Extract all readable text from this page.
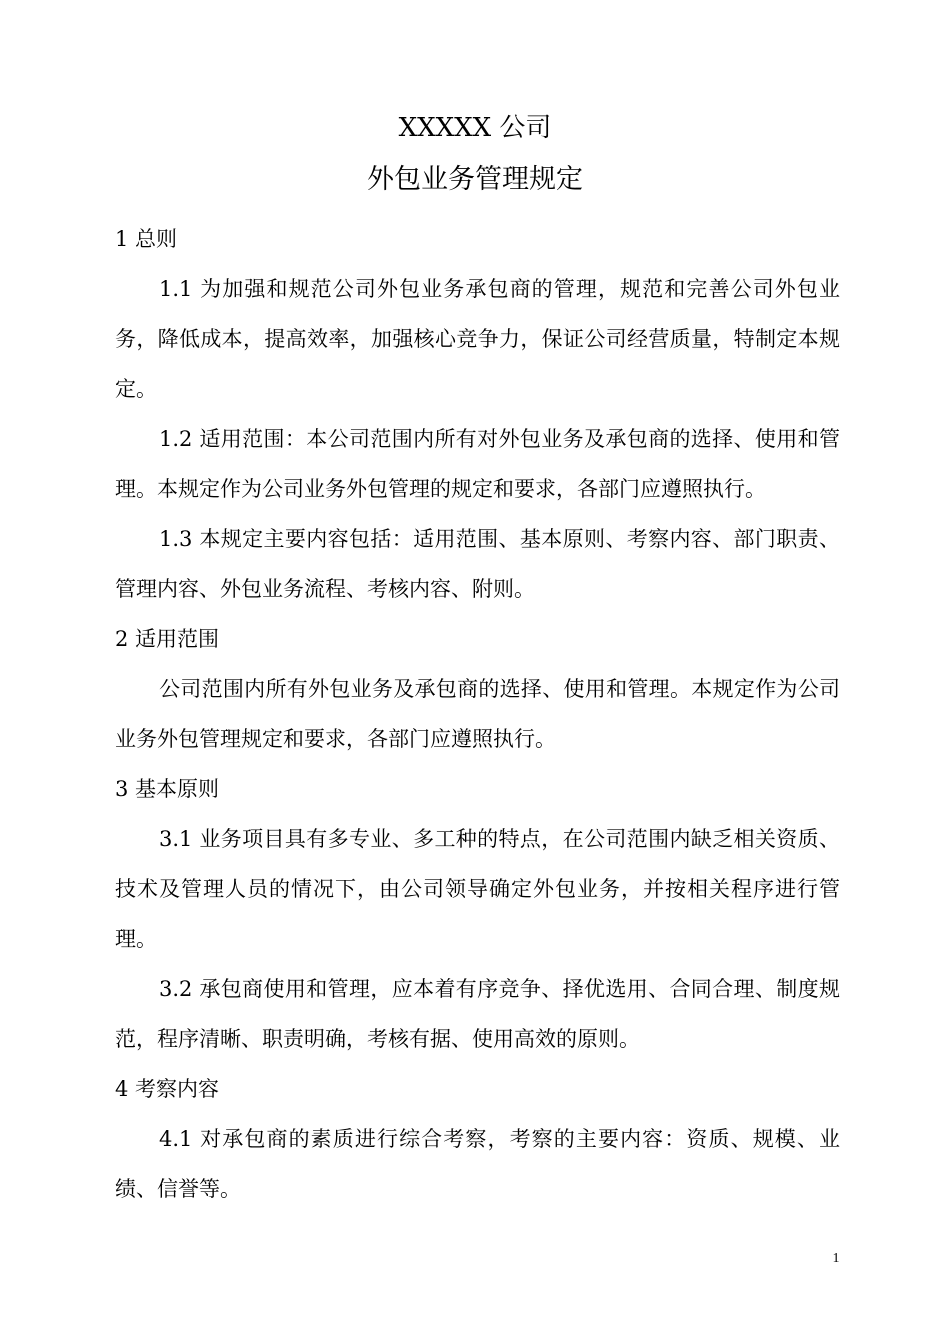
XXXXX 公司
外包业务管理规定

1 总则

1.1 为加强和规范公司外包业务承包商的管理，规范和完善公司外包业务，降低成本，提高效率，加强核心竞争力，保证公司经营质量，特制定本规定。

1.2 适用范围：本公司范围内所有对外包业务及承包商的选择、使用和管理。本规定作为公司业务外包管理的规定和要求，各部门应遵照执行。

1.3 本规定主要内容包括：适用范围、基本原则、考察内容、部门职责、管理内容、外包业务流程、考核内容、附则。

2 适用范围

公司范围内所有外包业务及承包商的选择、使用和管理。本规定作为公司业务外包管理规定和要求，各部门应遵照执行。

3 基本原则

3.1 业务项目具有多专业、多工种的特点，在公司范围内缺乏相关资质、技术及管理人员的情况下，由公司领导确定外包业务，并按相关程序进行管理。

3.2 承包商使用和管理，应本着有序竞争、择优选用、合同合理、制度规范，程序清晰、职责明确，考核有据、使用高效的原则。

4 考察内容

4.1 对承包商的素质进行综合考察，考察的主要内容：资质、规模、业绩、信誉等。

1
